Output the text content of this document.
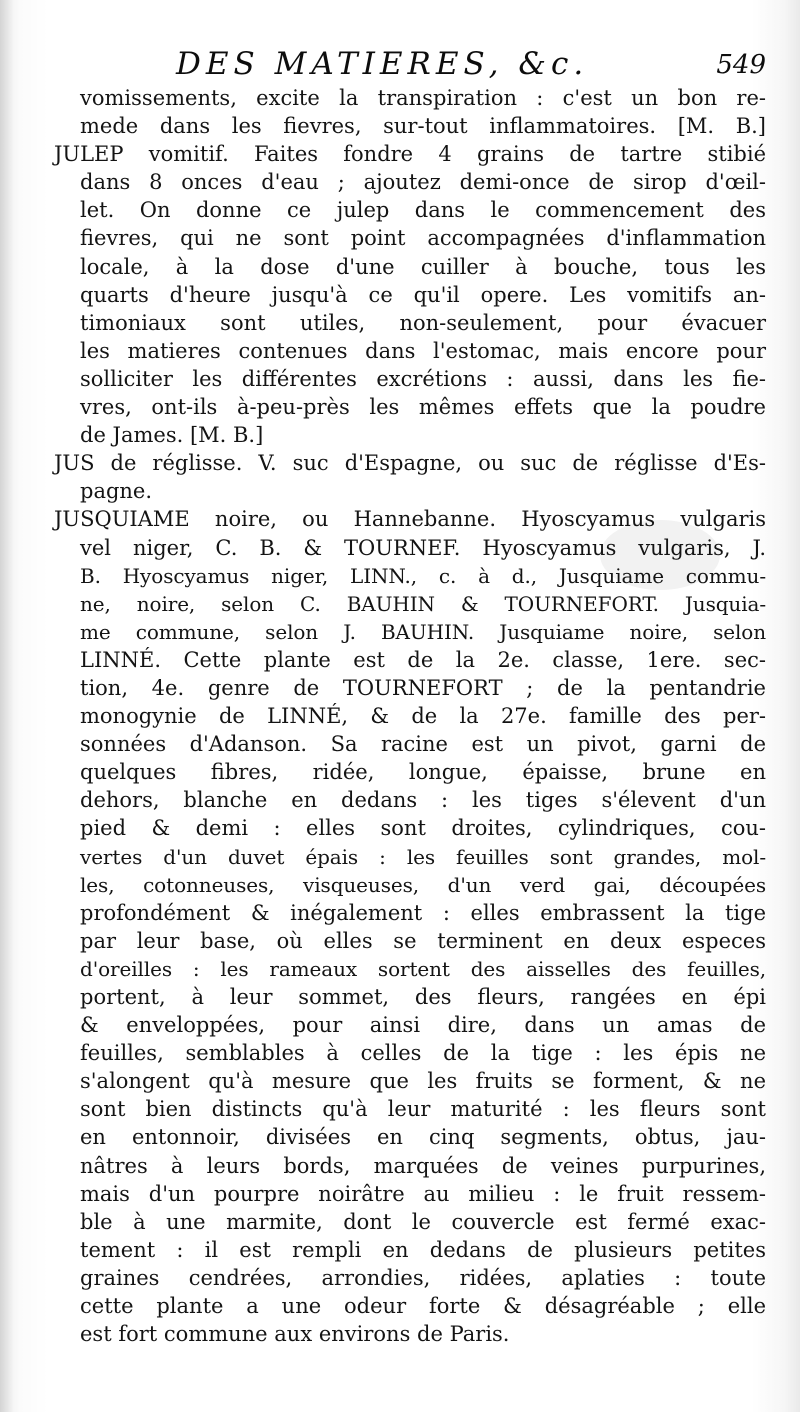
DES MATIERES, &c.	549
vomissements, excite la transpiration : c'est un bon re-
mede dans les fievres, sur-tout inflammatoires. [M. B.]
JULEP vomitif. Faites fondre 4 grains de tartre stibié
dans 8 onces d'eau ; ajoutez demi-once de sirop d'œil-
let. On donne ce julep dans le commencement des
fievres, qui ne sont point accompagnées d'inflammation
locale, à la dose d'une cuiller à bouche, tous les
quarts d'heure jusqu'à ce qu'il opere. Les vomitifs an-
timoniaux sont utiles, non-seulement, pour évacuer
les matieres contenues dans l'estomac, mais encore pour
solliciter les différentes excrétions : aussi, dans les fie-
vres, ont-ils à-peu-près les mêmes effets que la poudre
de James. [M. B.]
JUS de réglisse. V. suc d'Espagne, ou suc de réglisse d'Es-
pagne.
JUSQUIAME noire, ou Hannebanne. Hyoscyamus vulgaris
vel niger, C. B. & TOURNEF. Hyoscyamus vulgaris, J.
B. Hyoscyamus niger, LINN., c. à d., Jusquiame commu-
ne, noire, selon C. BAUHIN & TOURNEFORT. Jusquia-
me commune, selon J. BAUHIN. Jusquiame noire, selon
LINNÉ. Cette plante est de la 2e. classe, 1ere. sec-
tion, 4e. genre de TOURNEFORT ; de la pentandrie
monogynie de LINNÉ, & de la 27e. famille des per-
sonnées d'Adanson. Sa racine est un pivot, garni de
quelques fibres, ridée, longue, épaisse, brune en
dehors, blanche en dedans : les tiges s'élevent d'un
pied & demi : elles sont droites, cylindriques, cou-
vertes d'un duvet épais : les feuilles sont grandes, mol-
les, cotonneuses, visqueuses, d'un verd gai, découpées
profondément & inégalement : elles embrassent la tige
par leur base, où elles se terminent en deux especes
d'oreilles : les rameaux sortent des aisselles des feuilles,
portent, à leur sommet, des fleurs, rangées en épi
& enveloppées, pour ainsi dire, dans un amas de
feuilles, semblables à celles de la tige : les épis ne
s'alongent qu'à mesure que les fruits se forment, & ne
sont bien distincts qu'à leur maturité : les fleurs sont
en entonnoir, divisées en cinq segments, obtus, jau-
nâtres à leurs bords, marquées de veines purpurines,
mais d'un pourpre noirâtre au milieu : le fruit ressem-
ble à une marmite, dont le couvercle est fermé exac-
tement : il est rempli en dedans de plusieurs petites
graines cendrées, arrondies, ridées, aplaties : toute
cette plante a une odeur forte & désagréable ; elle
est fort commune aux environs de Paris.
